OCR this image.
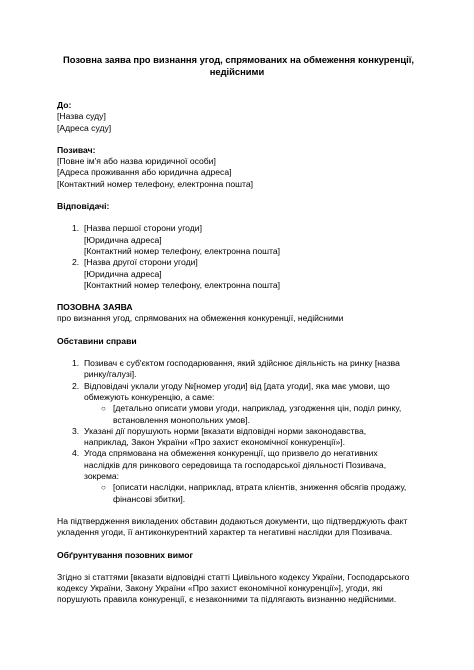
Позовна заява про визнання угод, спрямованих на обмеження конкуренції,
недійсними
До:
[Назва суду]
[Адреса суду]
Позивач:
[Повне ім'я або назва юридичної особи]
[Адреса проживання або юридична адреса]
[Контактний номер телефону, електронна пошта]
Відповідачі:
1. [Назва першої сторони угоди]
[Юридична адреса]
[Контактний номер телефону, електронна пошта]
2. [Назва другої сторони угоди]
[Юридична адреса]
[Контактний номер телефону, електронна пошта]
ПОЗОВНА ЗАЯВА
про визнання угод, спрямованих на обмеження конкуренції, недійсними
Обставини справи
1. Позивач є суб'єктом господарювання, який здійснює діяльність на ринку [назва
ринку/галузі].
2. Відповідачі уклали угоду №[номер угоди] від [дата угоди], яка має умови, що
обмежують конкуренцію, а саме:
○ [детально описати умови угоди, наприклад, узгодження цін, поділ ринку,
встановлення монопольних умов].
3. Указані дії порушують норми [вказати відповідні норми законодавства,
наприклад, Закон України «Про захист економічної конкуренції»].
4. Угода спрямована на обмеження конкуренції, що призвело до негативних
наслідків для ринкового середовища та господарської діяльності Позивача,
зокрема:
○ [описати наслідки, наприклад, втрата клієнтів, зниження обсягів продажу,
фінансові збитки].
На підтвердження викладених обставин додаються документи, що підтверджують факт
укладення угоди, її антиконкурентний характер та негативні наслідки для Позивача.
Обґрунтування позовних вимог
Згідно зі статтями [вказати відповідні статті Цивільного кодексу України, Господарського
кодексу України, Закону України «Про захист економічної конкуренції»], угоди, які
порушують правила конкуренції, є незаконними та підлягають визнанню недійсними.
